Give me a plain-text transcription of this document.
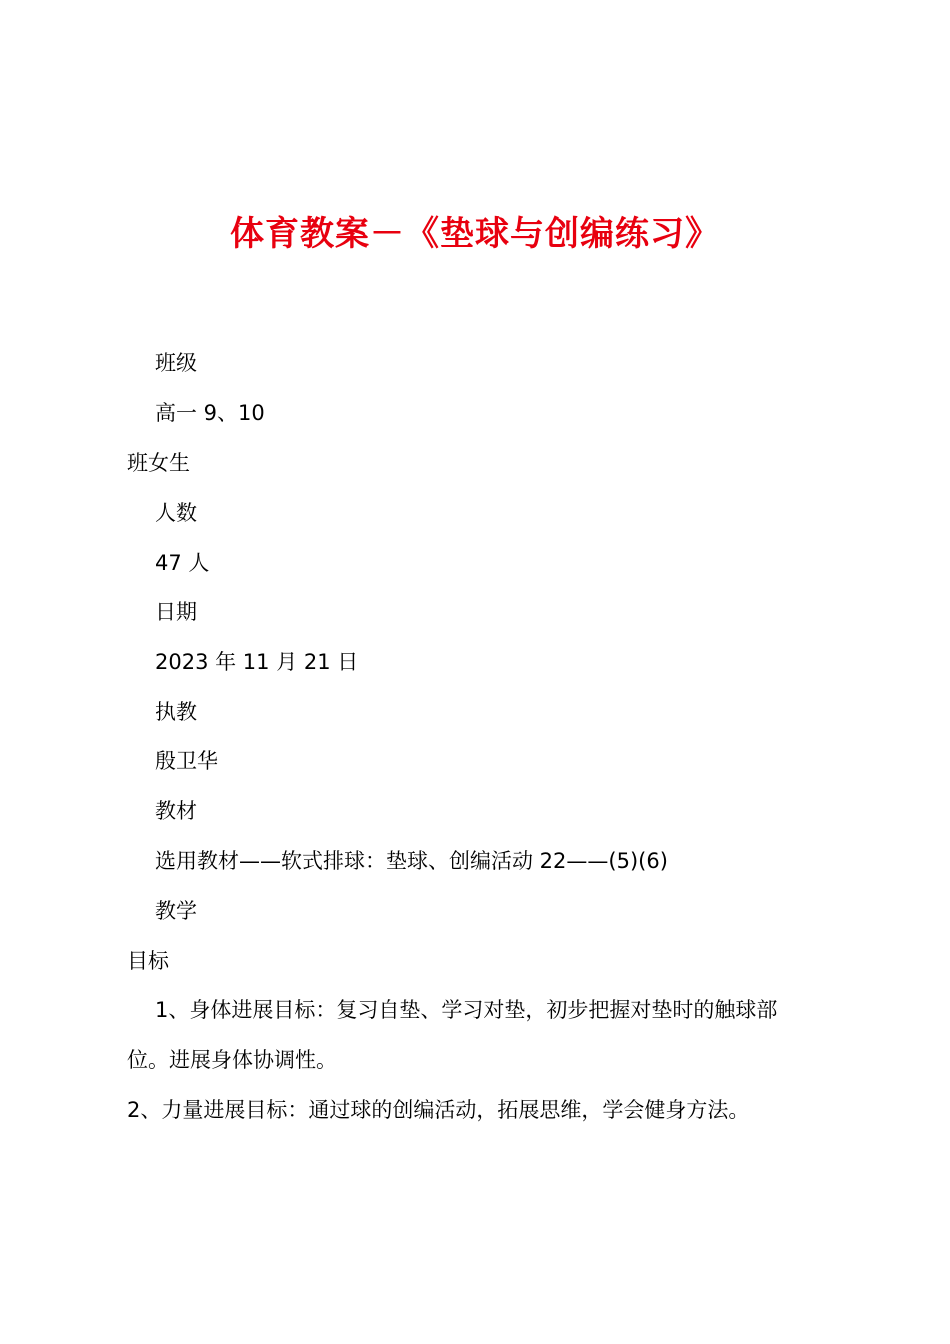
体育教案－《垫球与创编练习》
班级
高一 9、10
班女生
人数
47 人
日期
2023 年 11 月 21 日
执教
殷卫华
教材
选用教材——软式排球：垫球、创编活动 22——(5)(6)
教学
目标
1、身体进展目标：复习自垫、学习对垫，初步把握对垫时的触球部
位。进展身体协调性。
2、力量进展目标：通过球的创编活动，拓展思维，学会健身方法。
